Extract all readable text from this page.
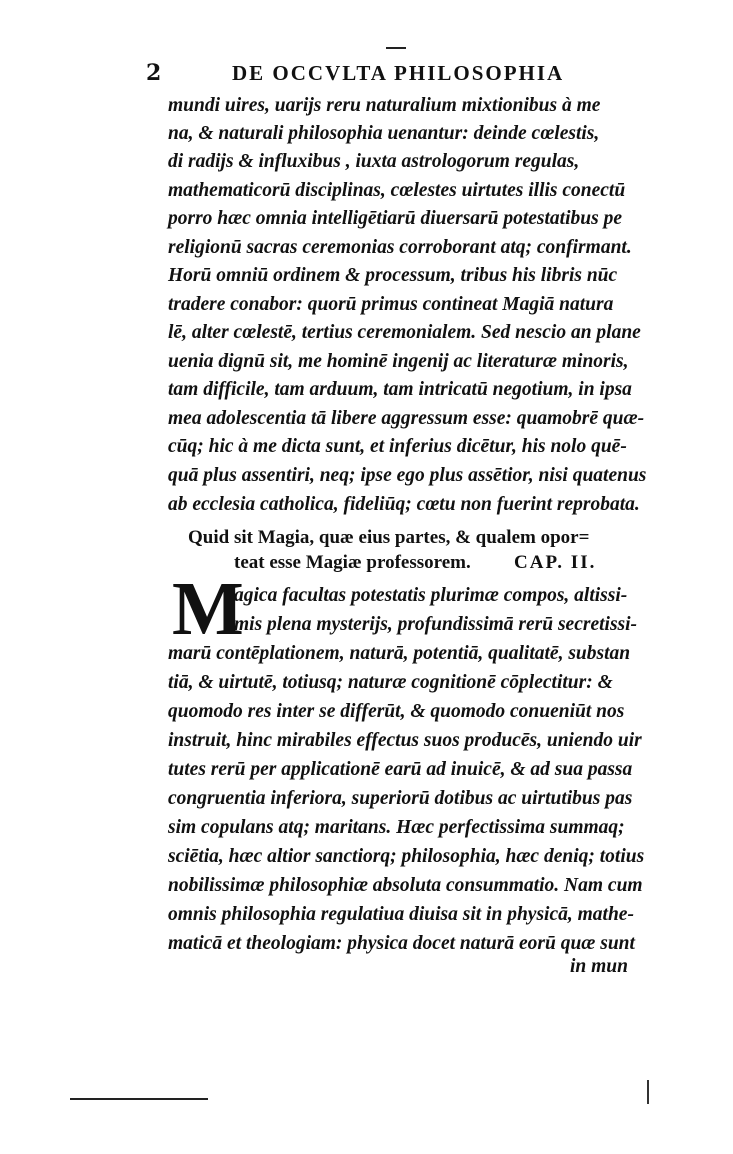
2	DE OCCVLTA PHILOSOPHIA
mundi uires, uarijs reru naturalium mixtionibus à me
na, & naturali philosophia uenantur: deinde cœlestis,
di radijs & influxibus , iuxta astrologorum regulas,
mathematicorū disciplinas, cœlestes uirtutes illis conectū
porro hæc omnia intelligētiarū diuersarū potestatibus pe
religionū sacras ceremonias corroborant atq; confirmant.
Horū omniū ordinem & processum, tribus his libris nūc
tradere conabor: quorū primus contineat Magiā natura
lē, alter cœlestē, tertius ceremonialem. Sed nescio an plane
uenia dignū sit, me hominē ingenij ac literaturæ minoris,
tam difficile, tam arduum, tam intricatū negotium, in ipsa
mea adolescentia tā libere aggressum esse: quamobrē quæ-
cūq; hic à me dicta sunt, et inferius dicētur, his nolo quē-
quā plus assentiri, neq; ipse ego plus assētior, nisi quatenus
ab ecclesia catholica, fideliūq; cœtu non fuerint reprobata.
Quid sit Magia, quæ eius partes, & qualem opor=
teat esse Magiæ professorem. CAP. II.
M
agica facultas potestatis plurimæ compos, altissi-
mis plena mysterijs, profundissimā rerū secretissi-
marū contēplationem, naturā, potentiā, qualitatē, substan
tiā, & uirtutē, totiusq; naturæ cognitionē cōplectitur: &
quomodo res inter se differūt, & quomodo conueniūt nos
instruit, hinc mirabiles effectus suos producēs, uniendo uir
tutes rerū per applicationē earū ad inuicē, & ad sua passa
congruentia inferiora, superiorū dotibus ac uirtutibus pas
sim copulans atq; maritans. Hæc perfectissima summaq;
sciētia, hæc altior sanctiorq; philosophia, hæc deniq; totius
nobilissimæ philosophiæ absoluta consummatio. Nam cum
omnis philosophia regulatiua diuisa sit in physicā, mathe-
maticā et theologiam: physica docet naturā eorū quæ sunt
in mun
